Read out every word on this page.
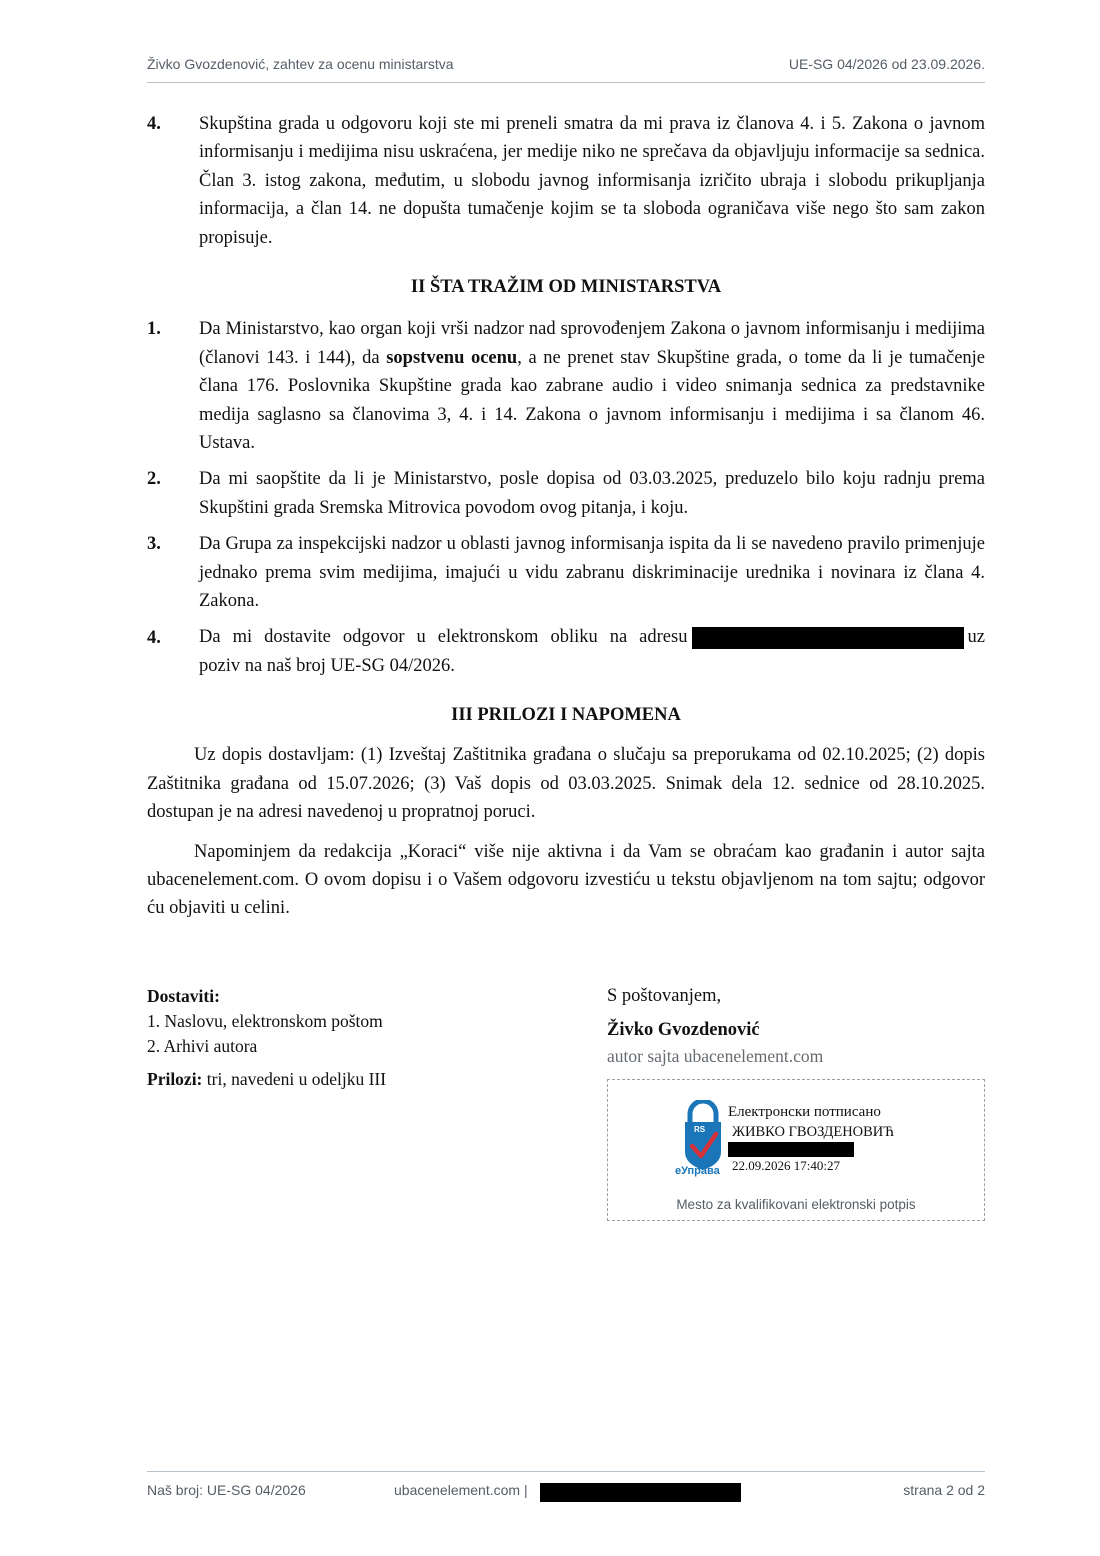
Živko Gvozdenović, zahtev za ocenu ministarstva	UE-SG 04/2026 od 23.09.2026.
4. Skupština grada u odgovoru koji ste mi preneli smatra da mi prava iz članova 4. i 5. Zakona o javnom informisanju i medijima nisu uskraćena, jer medije niko ne sprečava da objavljuju informacije sa sednica. Član 3. istog zakona, međutim, u slobodu javnog informisanja izričito ubraja i slobodu prikupljanja informacija, a član 14. ne dopušta tumačenje kojim se ta sloboda ograničava više nego što sam zakon propisuje.

II ŠTA TRAŽIM OD MINISTARSTVA

1. Da Ministarstvo, kao organ koji vrši nadzor nad sprovođenjem Zakona o javnom informisanju i medijima (članovi 143. i 144), da sopstvenu ocenu, a ne prenet stav Skupštine grada, o tome da li je tumačenje člana 176. Poslovnika Skupštine grada kao zabrane audio i video snimanja sednica za predstavnike medija saglasno sa članovima 3, 4. i 14. Zakona o javnom informisanju i medijima i sa članom 46. Ustava.
2. Da mi saopštite da li je Ministarstvo, posle dopisa od 03.03.2025, preduzelo bilo koju radnju prema Skupštini grada Sremska Mitrovica povodom ovog pitanja, i koju.
3. Da Grupa za inspekcijski nadzor u oblasti javnog informisanja ispita da li se navedeno pravilo primenjuje jednako prema svim medijima, imajući u vidu zabranu diskriminacije urednika i novinara iz člana 4. Zakona.
4. Da mi dostavite odgovor u elektronskom obliku na adresu	uz
poziv na naš broj UE-SG 04/2026.

III PRILOZI I NAPOMENA

Uz dopis dostavljam: (1) Izveštaj Zaštitnika građana o slučaju sa preporukama od 02.10.2025; (2) dopis Zaštitnika građana od 15.07.2026; (3) Vaš dopis od 03.03.2025. Snimak dela 12. sednice od 28.10.2025. dostupan je na adresi navedenoj u propratnoj poruci.

Napominjem da redakcija „Koraci“ više nije aktivna i da Vam se obraćam kao građanin i autor sajta ubacenelement.com. O ovom dopisu i o Vašem odgovoru izvestiću u tekstu objavljenom na tom sajtu; odgovor ću objaviti u celini.

Dostaviti:
1. Naslovu, elektronskom poštom
2. Arhivi autora
Prilozi: tri, navedeni u odeljku III
S poštovanjem,
Živko Gvozdenović
autor sajta ubacenelement.com
RS
еУправа
Електронски потписано
ЖИВКО ГВОЗДЕНОВИЋ
22.09.2026 17:40:27
Mesto za kvalifikovani elektronski potpis
Naš broj: UE-SG 04/2026	ubacenelement.com |	strana 2 od 2
